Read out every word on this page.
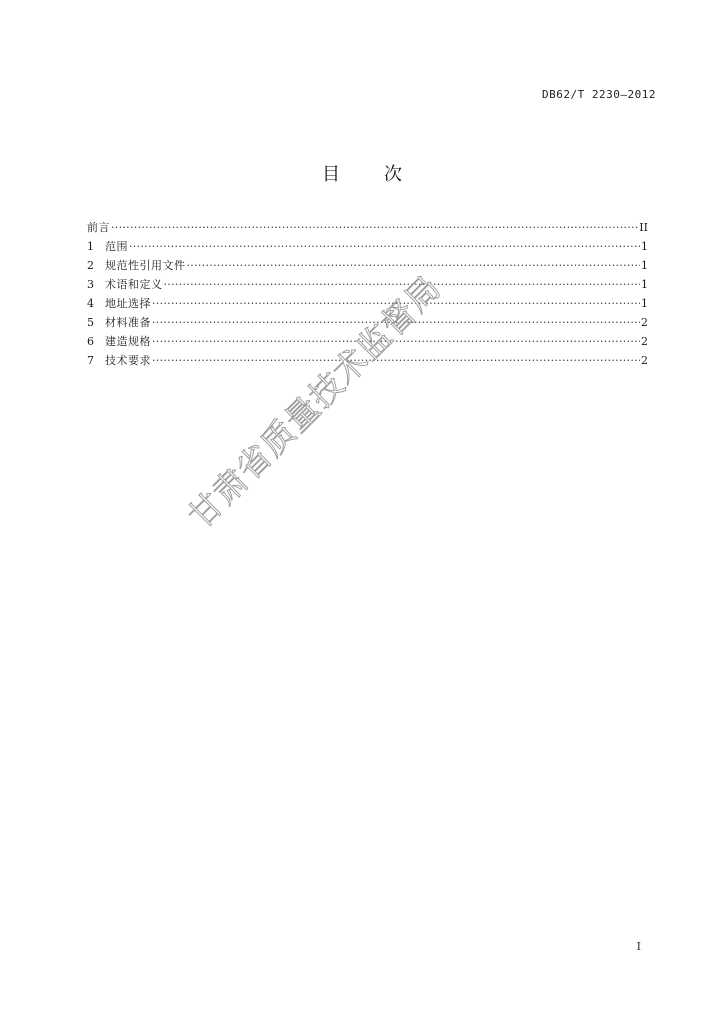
DB62/T 2230—2012
目 次
前言 ·····	II
1	范围 ·····	1
2	规范性引用文件 ·····	1
3	术语和定义 ·····	1
4	地址选择 ·····	1
5	材料准备 ·····	2
6	建造规格 ·····	2
7	技术要求 ·····	2
甘肃省质量技术监督局
I
